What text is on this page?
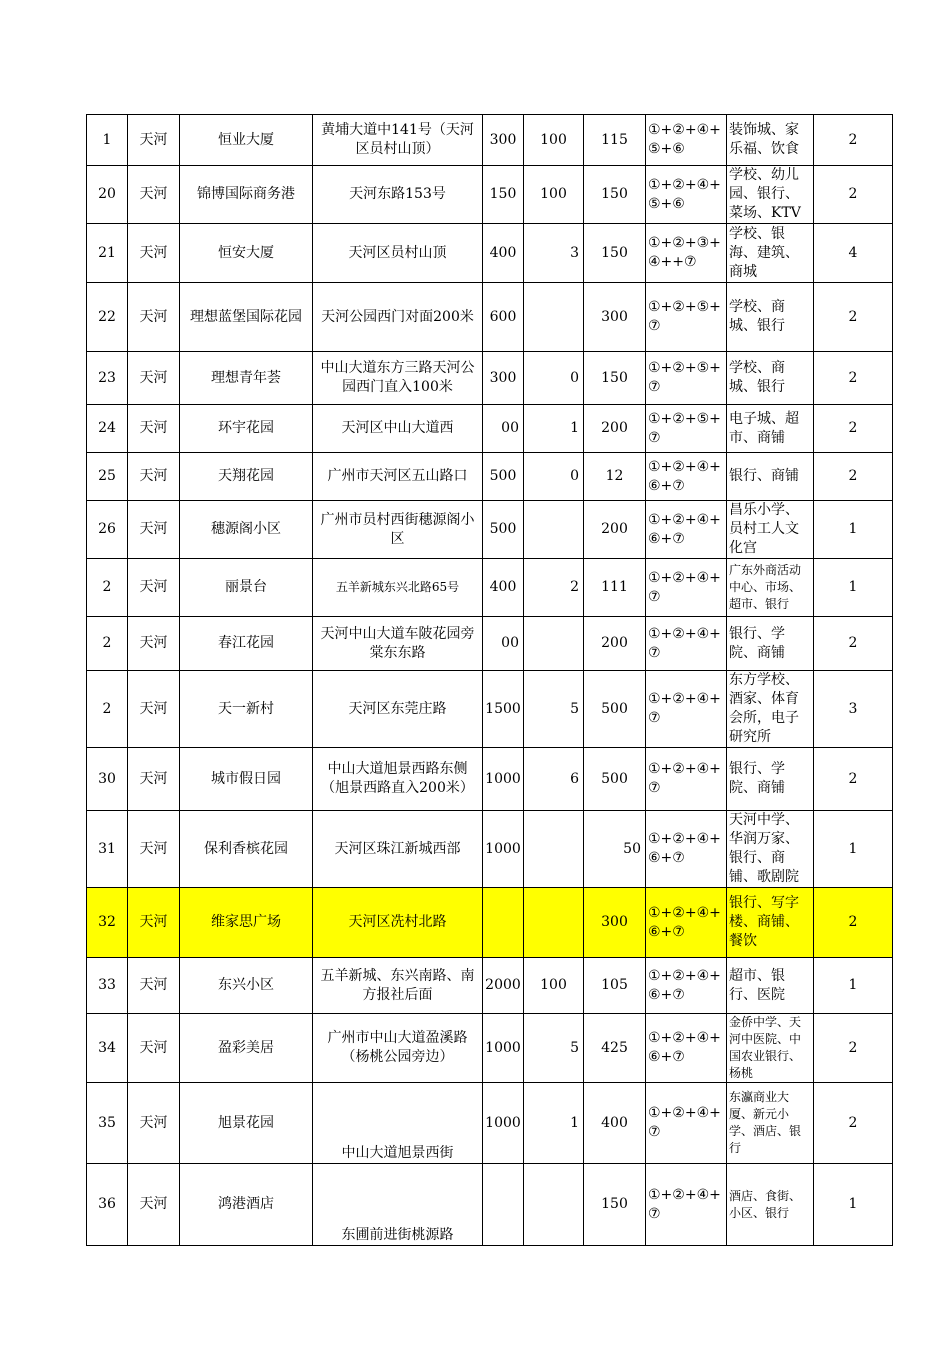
1	天河	恒业大厦	黄埔大道中141号（天河区员村山顶）	300	100	115	①+②+④+⑤+⑥	装饰城、家乐福、饮食	2
20	天河	锦博国际商务港	天河东路153号	150	100	150	①+②+④+⑤+⑥	学校、幼儿园、银行、菜场、KTV	2
21	天河	恒安大厦	天河区员村山顶	400	3	150	①+②+③+④++⑦	学校、银海、建筑、商城	4
22	天河	理想蓝堡国际花园	天河公园西门对面200米	600		300	①+②+⑤+⑦	学校、商城、银行	2
23	天河	理想青年荟	中山大道东方三路天河公园西门直入100米	300	0	150	①+②+⑤+⑦	学校、商城、银行	2
24	天河	环宇花园	天河区中山大道西	00	1	200	①+②+⑤+⑦	电子城、超市、商铺	2
25	天河	天翔花园	广州市天河区五山路口	500	0	12	①+②+④+⑥+⑦	银行、商铺	2
26	天河	穗源阁小区	广州市员村西街穗源阁小区	500		200	①+②+④+⑥+⑦	昌乐小学、员村工人文化宫	1
2	天河	丽景台	五羊新城东兴北路65号	400	2	111	①+②+④+⑦	广东外商活动中心、市场、超市、银行	1
2	天河	春江花园	天河中山大道车陂花园旁棠东东路	00		200	①+②+④+⑦	银行、学院、商铺	2
2	天河	天一新村	天河区东莞庄路	1500	5	500	①+②+④+⑦	东方学校、酒家、体育会所，电子研究所	3
30	天河	城市假日园	中山大道旭景西路东侧（旭景西路直入200米）	1000	6	500	①+②+④+⑦	银行、学院、商铺	2
31	天河	保利香槟花园	天河区珠江新城西部	1000		50	①+②+④+⑥+⑦	天河中学、华润万家、银行、商铺、歌剧院	1
32	天河	维家思广场	天河区冼村北路			300	①+②+④+⑥+⑦	银行、写字楼、商铺、餐饮	2
33	天河	东兴小区	五羊新城、东兴南路、南方报社后面	2000	100	105	①+②+④+⑥+⑦	超市、银行、医院	1
34	天河	盈彩美居	广州市中山大道盈溪路（杨桃公园旁边）	1000	5	425	①+②+④+⑥+⑦	金侨中学、天河中医院、中国农业银行、杨桃	2
35	天河	旭景花园	中山大道旭景西街	1000	1	400	①+②+④+⑦	东瀛商业大厦、新元小学、酒店、银行	2
36	天河	鸿港酒店	东圃前进街桃源路			150	①+②+④+⑦	酒店、食街、小区、银行	1
